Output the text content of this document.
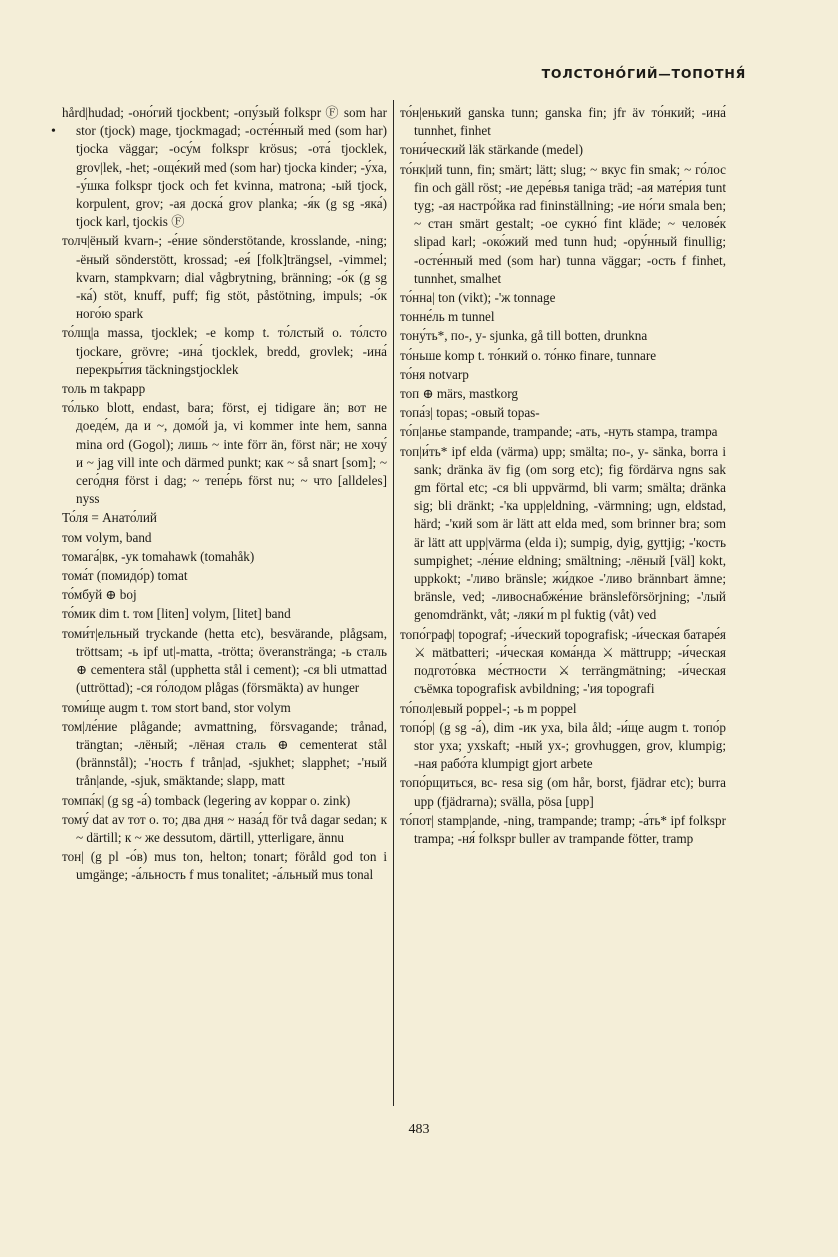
ТОЛСТОНО́ГИЙ—ТОПОТНЯ́
•

hård|hudad; -оно́гий tjockbent; -опу́зый folkspr Ⓕ som har stor (tjock) mage, tjockmagad; -осте́нный med (som har) tjocka väggar; -осу́м folkspr krösus; -ота́ tjocklek, grov|lek, -het; -още́кий med (som har) tjocka kinder; -у́ха, -у́шка folkspr tjock och fet kvinna, matrona; -ый tjock, korpulent, grov; -ая доска́ grov planka; -я́к (g sg -яка́) tjock karl, tjockis Ⓕ

толч|ёный kvarn-; -е́ние sönderstötande, krosslande, -ning; -ёный sönderstött, krossad; -ея́ [folk]trängsel, -vimmel; kvarn, stampkvarn; dial vågbrytning, bränning; -о́к (g sg -ка́) stöt, knuff, puff; fig stöt, påstötning, impuls; -о́к ного́ю spark

то́лщ|а massa, tjocklek; -е komp t. то́лстый o. то́лсто tjockare, grövre; -ина́ tjocklek, bredd, grovlek; -ина́ перекры́тия täckningstjocklek

толь m takpapp

то́лько blott, endast, bara; först, ej tidigare än; вот не доеде́м, да и ~, домо́й ja, vi kommer inte hem, sanna mina ord (Gogol); лишь ~ inte förr än, först när; не хочу́ и ~ jag vill inte och därmed punkt; как ~ så snart [som]; ~ сего́дня först i dag; ~ тепе́рь först nu; ~ что [alldeles] nyss

То́ля = Анато́лий

том volym, band

томага́|вк, -ук tomahawk (tomahåk)

тома́т (помидо́р) tomat

то́мбуй ⊕ boj

то́мик dim t. том [liten] volym, [litet] band

томи́т|ельный tryckande (hetta etc), besvärande, plågsam, tröttsam; -ь ipf ut|-matta, -trötta; överanstränga; -ь сталь ⊕ cementera stål (upphetta stål i cement); -ся bli utmattad (uttröttad); -ся го́лодом plågas (försmäkta) av hunger

томи́ще augm t. том stort band, stor volym

том|ле́ние plågande; avmattning, försvagande; trånad, trängtan; -лёный; -лёная сталь ⊕ cementerat stål (brännstål); -'ность f trån|ad, -sjukhet; slapphet; -'ный trån|ande, -sjuk, smäktande; slapp, matt

томпа́к| (g sg -а́) tomback (legering av koppar o. zink)

тому́ dat av тот o. то; два дня ~ наза́д för två dagar sedan; к ~ därtill; к ~ же dessutom, därtill, ytterligare, ännu

тон| (g pl -о́в) mus ton, helton; tonart; föråld god ton i umgänge; -а́льность f mus tonalitet; -а́льный mus tonal

то́н|енький ganska tunn; ganska fin; jfr äv то́нкий; -ина́ tunnhet, finhet

тони́ческий läk stärkande (medel)

то́нк|ий tunn, fin; smärt; lätt; slug; ~ вкус fin smak; ~ го́лос fin och gäll röst; -ие дере́вья taniga träd; -ая мате́рия tunt tyg; -ая настро́йка rad fininställning; -ие но́ги smala ben; ~ стан smärt gestalt; -ое сукно́ fint kläde; ~ челове́к slipad karl; -око́жий med tunn hud; -ору́нный finullig; -осте́нный med (som har) tunna väggar; -ость f finhet, tunnhet, smalhet

то́нна| ton (vikt); -'ж tonnage

тонне́ль m tunnel

тону́ть*, по-, у- sjunka, gå till botten, drunkna

то́ньше komp t. то́нкий o. то́нко finare, tunnare

то́ня notvarp

топ ⊕ märs, mastkorg

топа́з| topas; -овый topas-

то́п|анье stampande, trampande; -ать, -нуть stampa, trampa

топ|и́ть* ipf elda (värma) upp; smälta; по-, у- sänka, borra i sank; dränka äv fig (om sorg etc); fig fördärva ngns sak gm förtal etc; -ся bli uppvärmd, bli varm; smälta; dränka sig; bli dränkt; -'ка upp|eldning, -värmning; ugn, eldstad, härd; -'кий som är lätt att elda med, som brinner bra; som är lätt att upp|värma (elda i); sumpig, dyig, gyttjig; -'кость sumpighet; -ле́ние eldning; smältning; -лёный [väl] kokt, uppkokt; -'ливо bränsle; жи́дкое -'ливо brännbart ämne; bränsle, ved; -ливоснабже́ние bränsleförsörjning; -'лый genomdränkt, våt; -ляки́ m pl fuktig (våt) ved

топо́граф| topograf; -и́ческий topografisk; -и́ческая батаре́я ⚔ mätbatteri; -и́ческая кома́нда ⚔ mättrupp; -и́ческая подгото́вка ме́стности ⚔ terrängmätning; -и́ческая съёмка topografisk avbildning; -'ия topografi

то́пол|евый poppel-; -ь m poppel

топо́р| (g sg -а́), dim -ик yxa, bila åld; -и́ще augm t. топо́р stor yxa; yxskaft; -ный yx-; grovhuggen, grov, klumpig; -ная рабо́та klumpigt gjort arbete

топо́рщиться, вс- resa sig (om hår, borst, fjädrar etc); burra upp (fjädrarna); svälla, pösa [upp]

то́пот| stamp|ande, -ning, trampande; tramp; -а́ть* ipf folkspr trampa; -ня́ folkspr buller av trampande fötter, tramp

483
